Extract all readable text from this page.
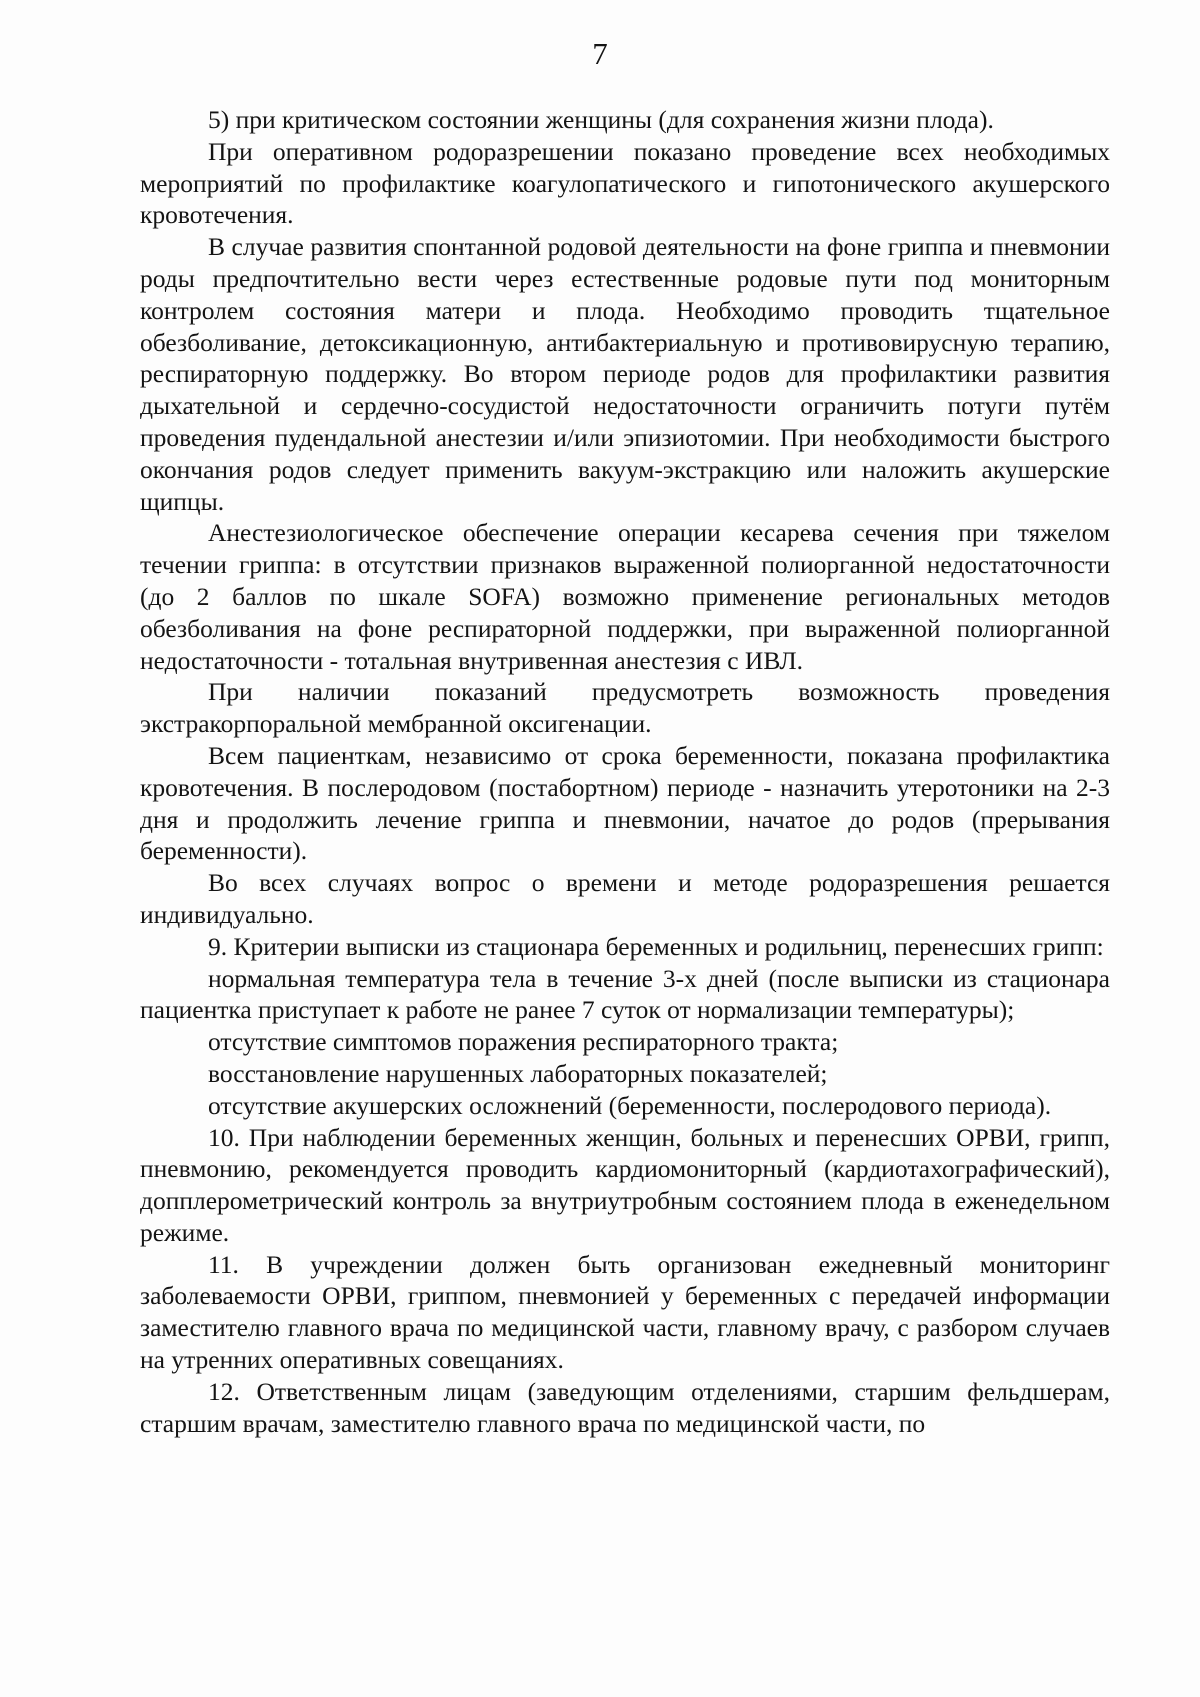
7

5) при критическом состоянии женщины (для сохранения жизни плода).

При оперативном родоразрешении показано проведение всех необходимых мероприятий по профилактике коагулопатического и гипотонического акушерского кровотечения.

В случае развития спонтанной родовой деятельности на фоне гриппа и пневмонии роды предпочтительно вести через естественные родовые пути под мониторным контролем состояния матери и плода. Необходимо проводить тщательное обезболивание, детоксикационную, антибактериальную и противовирусную терапию, респираторную поддержку. Во втором периоде родов для профилактики развития дыхательной и сердечно-сосудистой недостаточности ограничить потуги путём проведения пудендальной анестезии и/или эпизиотомии. При необходимости быстрого окончания родов следует применить вакуум-экстракцию или наложить акушерские щипцы.

Анестезиологическое обеспечение операции кесарева сечения при тяжелом течении гриппа: в отсутствии признаков выраженной полиорганной недостаточности (до 2 баллов по шкале SOFA) возможно применение региональных методов обезболивания на фоне респираторной поддержки, при выраженной полиорганной недостаточности - тотальная внутривенная анестезия с ИВЛ.

При наличии показаний предусмотреть возможность проведения экстракорпоральной мембранной оксигенации.

Всем пациенткам, независимо от срока беременности, показана профилактика кровотечения. В послеродовом (постабортном) периоде - назначить утеротоники на 2-3 дня и продолжить лечение гриппа и пневмонии, начатое до родов (прерывания беременности).

Во всех случаях вопрос о времени и методе родоразрешения решается индивидуально.

9. Критерии выписки из стационара беременных и родильниц, перенесших грипп:

нормальная температура тела в течение 3-х дней (после выписки из стационара пациентка приступает к работе не ранее 7 суток от нормализации температуры);

отсутствие симптомов поражения респираторного тракта;

восстановление нарушенных лабораторных показателей;

отсутствие акушерских осложнений (беременности, послеродового периода).

10. При наблюдении беременных женщин, больных и перенесших ОРВИ, грипп, пневмонию, рекомендуется проводить кардиомониторный (кардиотахографический), допплерометрический контроль за внутриутробным состоянием плода в еженедельном режиме.

11. В учреждении должен быть организован ежедневный мониторинг заболеваемости ОРВИ, гриппом, пневмонией у беременных с передачей информации заместителю главного врача по медицинской части, главному врачу, с разбором случаев на утренних оперативных совещаниях.

12. Ответственным лицам (заведующим отделениями, старшим фельдшерам, старшим врачам, заместителю главного врача по медицинской части, по
